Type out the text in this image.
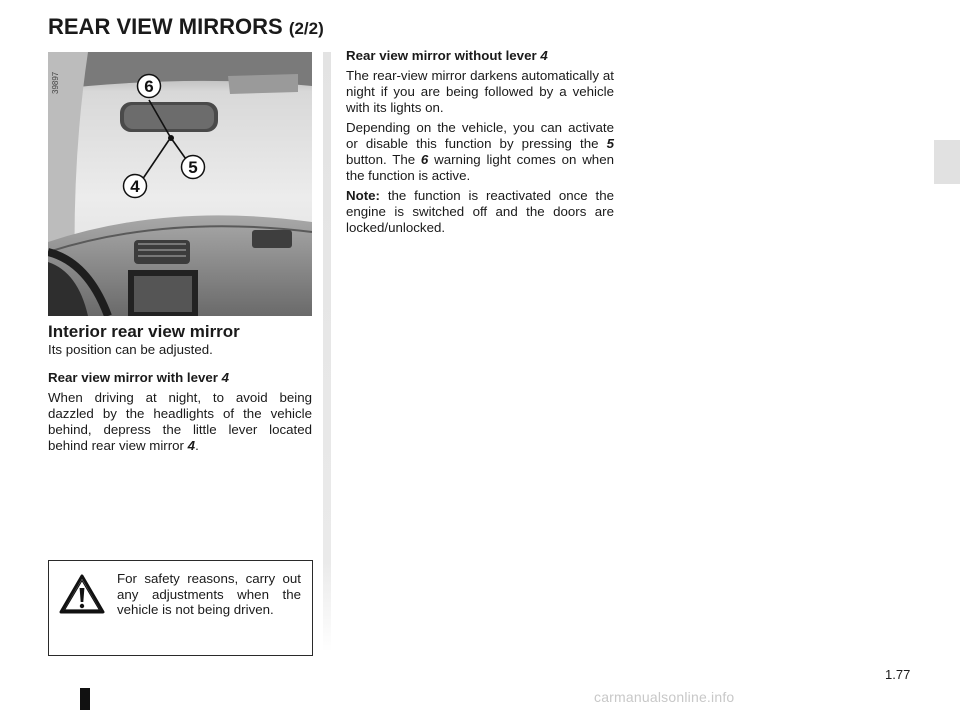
REAR VIEW MIRRORS (2/2)
39897	6
5
4
Interior rear view mirror
Its position can be adjusted.
Rear view mirror with lever 4
When driving at night, to avoid being dazzled by the headlights of the vehicle behind, depress the little lever located behind rear view mirror 4.
Rear view mirror without lever 4
The rear-view mirror darkens automatically at night if you are being followed by a vehicle with its lights on.
Depending on the vehicle, you can activate or disable this function by pressing the 5 button. The 6 warning light comes on when the function is active.
Note: the function is reactivated once the engine is switched off and the doors are locked/unlocked.
For safety reasons, carry out any adjustments when the vehicle is not being driven.
1.77
carmanualsonline.info
